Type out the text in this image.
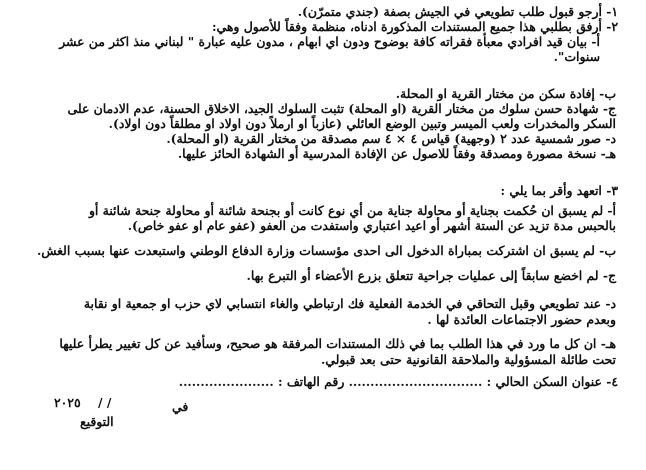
١- أرجو قبول طلب تطويعي في الجيش بصفة (جندي متمرّن).
٢- أرفق بطلبي هذا جميع المستندات المذكورة ادناه، منظمة وفقاً للأصول وهي:
أ- بيان قيد افرادي معبأة فقراته كافة بوضوح ودون اي ابهام ، مدون عليه عبارة " لبناني منذ اكثر من عشر
سنوات".
ب- إفادة سكن من مختار القرية او المحلة.
ج- شهادة حسن سلوك من مختار القرية (او المحلة) تثبت السلوك الجيد، الاخلاق الحسنة، عدم الادمان على
السكر والمخدرات ولعب الميسر وتبين الوضع العائلي (عازباً او ارملاً دون اولاد او مطلقاً دون اولاد).
د- صور شمسية عدد ٢ (وجهية) قياس ٤ × ٤ سم مصدقة من مختار القرية (او المحلة).
هـ- نسخة مصورة ومصدقة وفقاً للاصول عن الإفادة المدرسية أو الشهادة الحائز عليها.
٣- اتعهد وأقر بما يلي :
أ- لم يسبق ان حُكمت بجناية أو محاولة جناية من أي نوع كانت أو بجنحة شائنة أو محاولة جنحة شائنة أو
بالحبس مدة تزيد عن الستة أشهر أو اعيد اعتباري واستفدت من العفو (عفو عام او عفو خاص).
ب- لم يسبق ان اشتركت بمباراة الدخول الى احدى مؤسسات وزارة الدفاع الوطني واستبعدت عنها بسبب الغش.
ج- لم اخضع سابقاً إلى عمليات جراحية تتعلق بزرع الأعضاء أو التبرع بها.
د- عند تطويعي وقبل التحاقي في الخدمة الفعلية فك ارتباطي والغاء انتسابي لاي حزب او جمعية او نقابة
وبعدم حضور الاجتماعات العائدة لها .
هـ- ان كل ما ورد في هذا الطلب بما في ذلك المستندات المرفقة هو صحيح، وسأفيد عن كل تغيير يطرأ عليها
تحت طائلة المسؤولية والملاحقة القانونية حتى بعد قبولي.
٤- عنوان السكن الحالي : ............................... رقم الهاتف : ......................
في
/ /
٢٠٢٥
التوقيع
